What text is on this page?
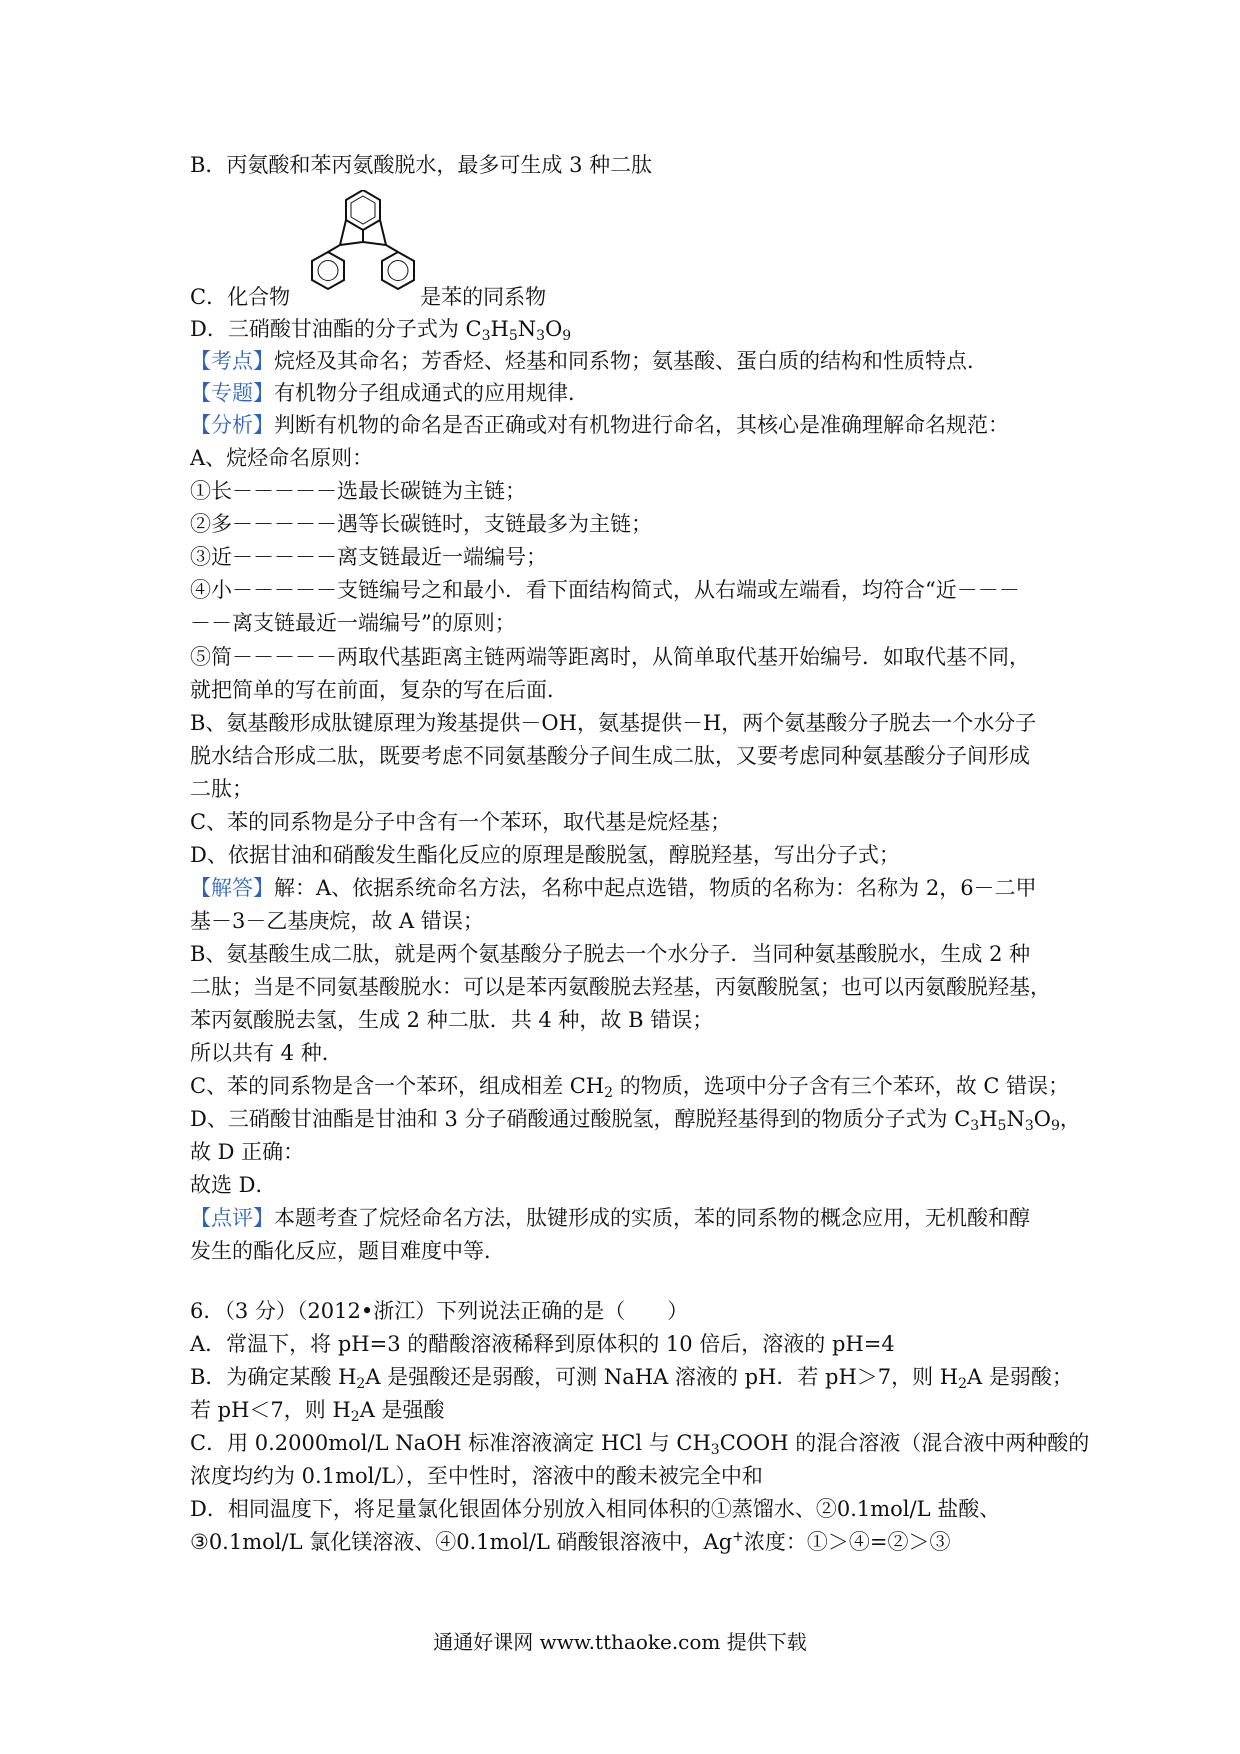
B．丙氨酸和苯丙氨酸脱水，最多可生成 3 种二肽
C．化合物	是苯的同系物
D．三硝酸甘油酯的分子式为 $C_3H_5N_3O_9$
【考点】烷烃及其命名；芳香烃、烃基和同系物；氨基酸、蛋白质的结构和性质特点．
【专题】有机物分子组成通式的应用规律．
【分析】判断有机物的命名是否正确或对有机物进行命名，其核心是准确理解命名规范：
A、烷烃命名原则：
①长－－－－－选最长碳链为主链；
②多－－－－－遇等长碳链时，支链最多为主链；
③近－－－－－离支链最近一端编号；
④小－－－－－支链编号之和最小．看下面结构简式，从右端或左端看，均符合“近－－－
－－离支链最近一端编号”的原则；
⑤简－－－－－两取代基距离主链两端等距离时，从简单取代基开始编号．如取代基不同，
就把简单的写在前面，复杂的写在后面．
B、氨基酸形成肽键原理为羧基提供－OH，氨基提供－H，两个氨基酸分子脱去一个水分子
脱水结合形成二肽，既要考虑不同氨基酸分子间生成二肽，又要考虑同种氨基酸分子间形成
二肽；
C、苯的同系物是分子中含有一个苯环，取代基是烷烃基；
D、依据甘油和硝酸发生酯化反应的原理是酸脱氢，醇脱羟基，写出分子式；
【解答】解：A、依据系统命名方法，名称中起点选错，物质的名称为：名称为 2，6－二甲
基－3－乙基庚烷，故 A 错误；
B、氨基酸生成二肽，就是两个氨基酸分子脱去一个水分子．当同种氨基酸脱水，生成 2 种
二肽；当是不同氨基酸脱水：可以是苯丙氨酸脱去羟基，丙氨酸脱氢；也可以丙氨酸脱羟基，
苯丙氨酸脱去氢，生成 2 种二肽．共 4 种，故 B 错误；
所以共有 4 种．
C、苯的同系物是含一个苯环，组成相差 $CH_2$ 的物质，选项中分子含有三个苯环，故 C 错误；
D、三硝酸甘油酯是甘油和 3 分子硝酸通过酸脱氢，醇脱羟基得到的物质分子式为 $C_3H_5N_3O_9$，
故 D 正确：
故选 D．
【点评】本题考查了烷烃命名方法，肽键形成的实质，苯的同系物的概念应用，无机酸和醇
发生的酯化反应，题目难度中等．
6．（3 分）（2012•浙江）下列说法正确的是（　　）
A．常温下，将 pH=3 的醋酸溶液稀释到原体积的 10 倍后，溶液的 pH=4
B．为确定某酸 $H_2A$ 是强酸还是弱酸，可测 NaHA 溶液的 pH．若 pH＞7，则 $H_2A$ 是弱酸；
若 pH＜7，则 $H_2A$ 是强酸
C．用 0.2000mol/L NaOH 标准溶液滴定 HCl 与 $CH_3COOH$ 的混合溶液（混合液中两种酸的
浓度均约为 0.1mol/L），至中性时，溶液中的酸未被完全中和
D．相同温度下，将足量氯化银固体分别放入相同体积的①蒸馏水、②0.1mol/L 盐酸、
③0.1mol/L 氯化镁溶液、④0.1mol/L 硝酸银溶液中，Ag+浓度：①＞④=②＞③
通通好课网 www.tthaoke.com 提供下载
